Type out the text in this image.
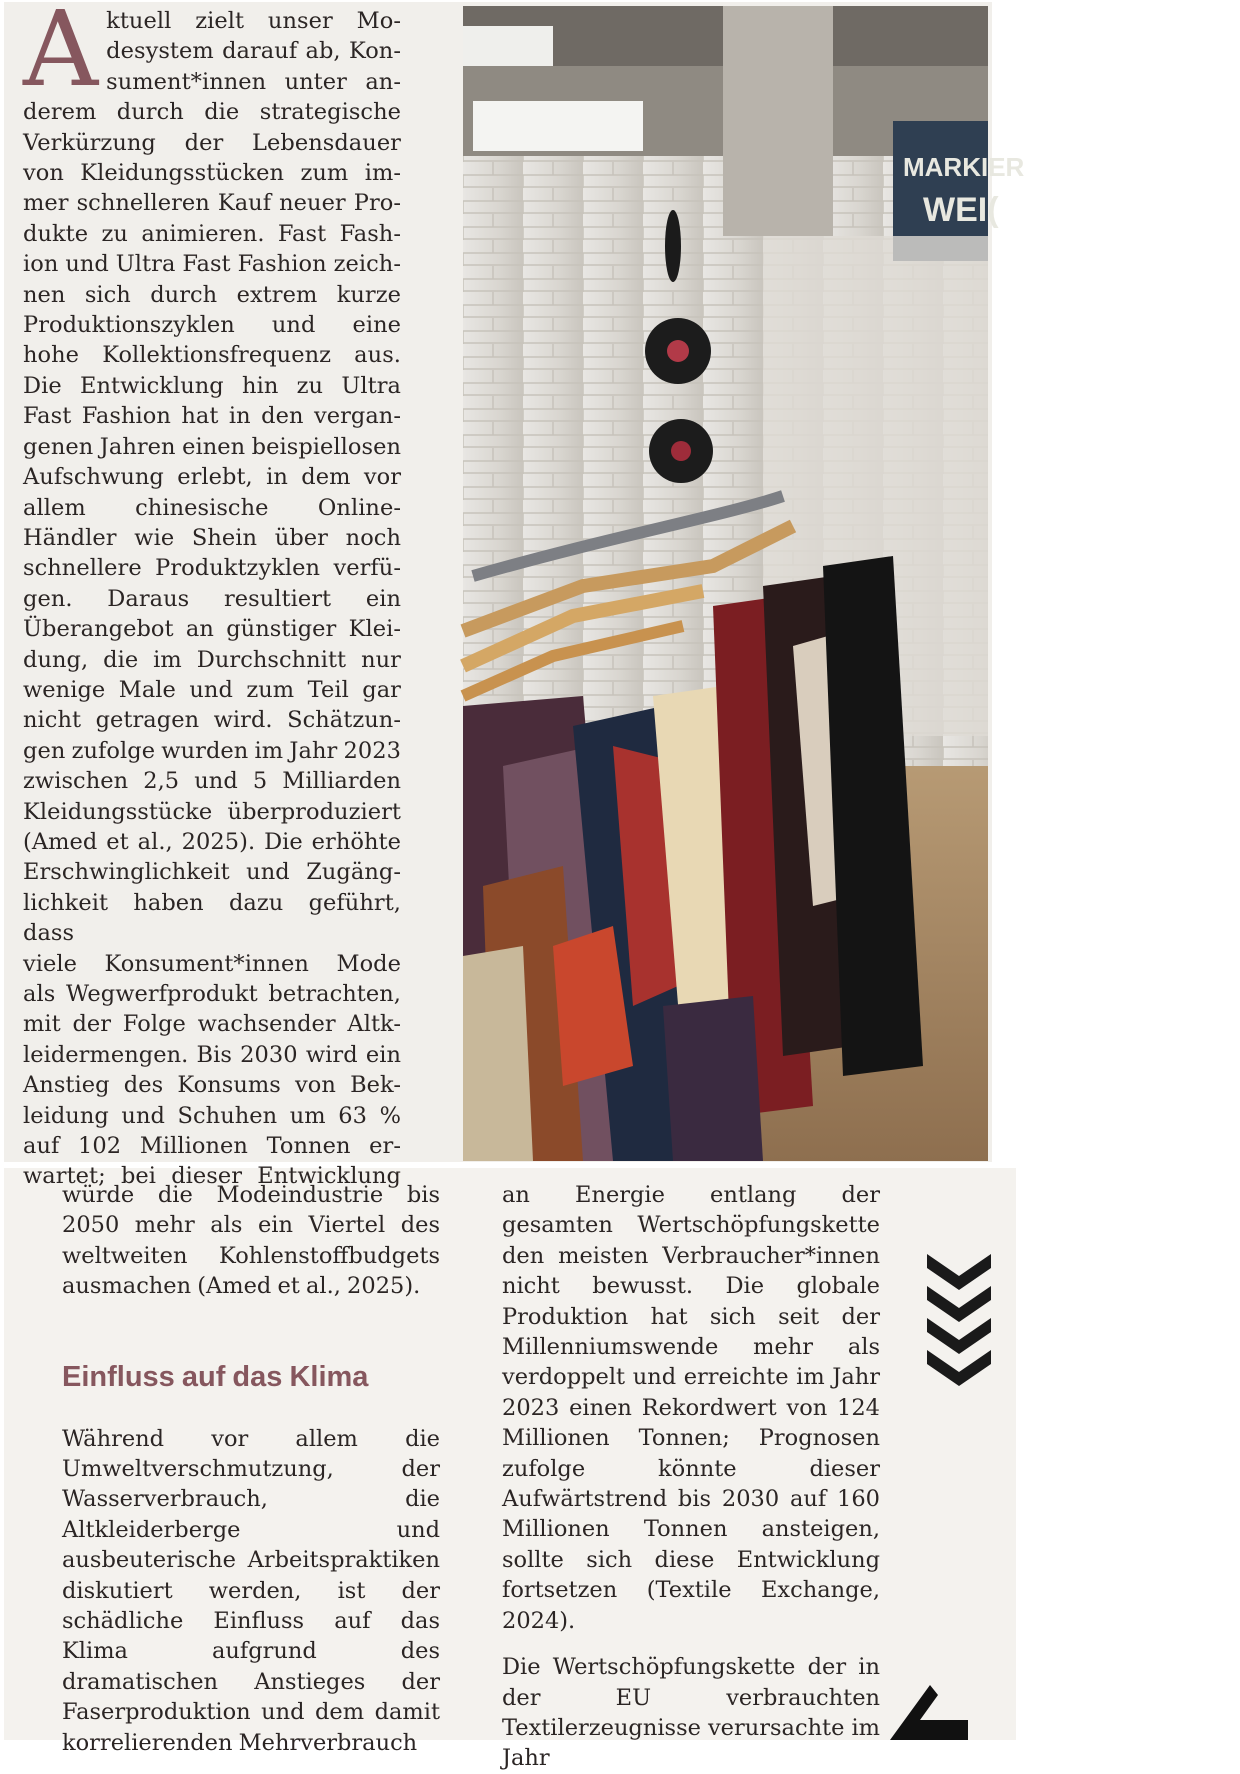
A ktuell zielt unser Mo-
desystem darauf ab, Kon-
sument*innen unter an-
derem durch die strategische
Verkürzung der Lebensdauer
von Kleidungsstücken zum im-
mer schnelleren Kauf neuer Pro-
dukte zu animieren. Fast Fash-
ion und Ultra Fast Fashion zeich-
nen sich durch extrem kurze
Produktionszyklen und eine
hohe Kollektionsfrequenz aus.
Die Entwicklung hin zu Ultra
Fast Fashion hat in den vergan-
genen Jahren einen beispiellosen
Aufschwung erlebt, in dem vor
allem chinesische Online-
Händler wie Shein über noch
schnellere Produktzyklen verfü-
gen. Daraus resultiert ein
Überangebot an günstiger Klei-
dung, die im Durchschnitt nur
wenige Male und zum Teil gar
nicht getragen wird. Schätzun-
gen zufolge wurden im Jahr 2023
zwischen 2,5 und 5 Milliarden
Kleidungsstücke überproduziert
(Amed et al., 2025). Die erhöhte
Erschwinglichkeit und Zugäng-
lichkeit haben dazu geführt, dass
viele Konsument*innen Mode
als Wegwerfprodukt betrachten,
mit der Folge wachsender Altk-
leidermengen. Bis 2030 wird ein
Anstieg des Konsums von Bek-
leidung und Schuhen um 63 %
auf 102 Millionen Tonnen er-
wartet; bei dieser Entwicklung
MARKIER
WEI(

würde die Modeindustrie bis 2050 mehr als ein Viertel des weltweiten Kohlenstoffbudgets ausmachen (Amed et al., 2025).

Einfluss auf das Klima

Während vor allem die Umweltverschmutzung, der Wasserverbrauch, die Altkleiderberge und ausbeuterische Arbeitspraktiken diskutiert werden, ist der schädliche Einfluss auf das Klima aufgrund des dramatischen Anstieges der Faserproduktion und dem damit korrelierenden Mehrverbrauch

an Energie entlang der gesamten Wertschöpfungskette den meisten Verbraucher*innen nicht bewusst. Die globale Produktion hat sich seit der Millenniumswende mehr als verdoppelt und erreichte im Jahr 2023 einen Rekordwert von 124 Millionen Tonnen; Prognosen zufolge könnte dieser Aufwärtstrend bis 2030 auf 160 Millionen Tonnen ansteigen, sollte sich diese Entwicklung fortsetzen (Textile Exchange, 2024).

Die Wertschöpfungskette der in der EU verbrauchten Textilerzeugnisse verursachte im Jahr
